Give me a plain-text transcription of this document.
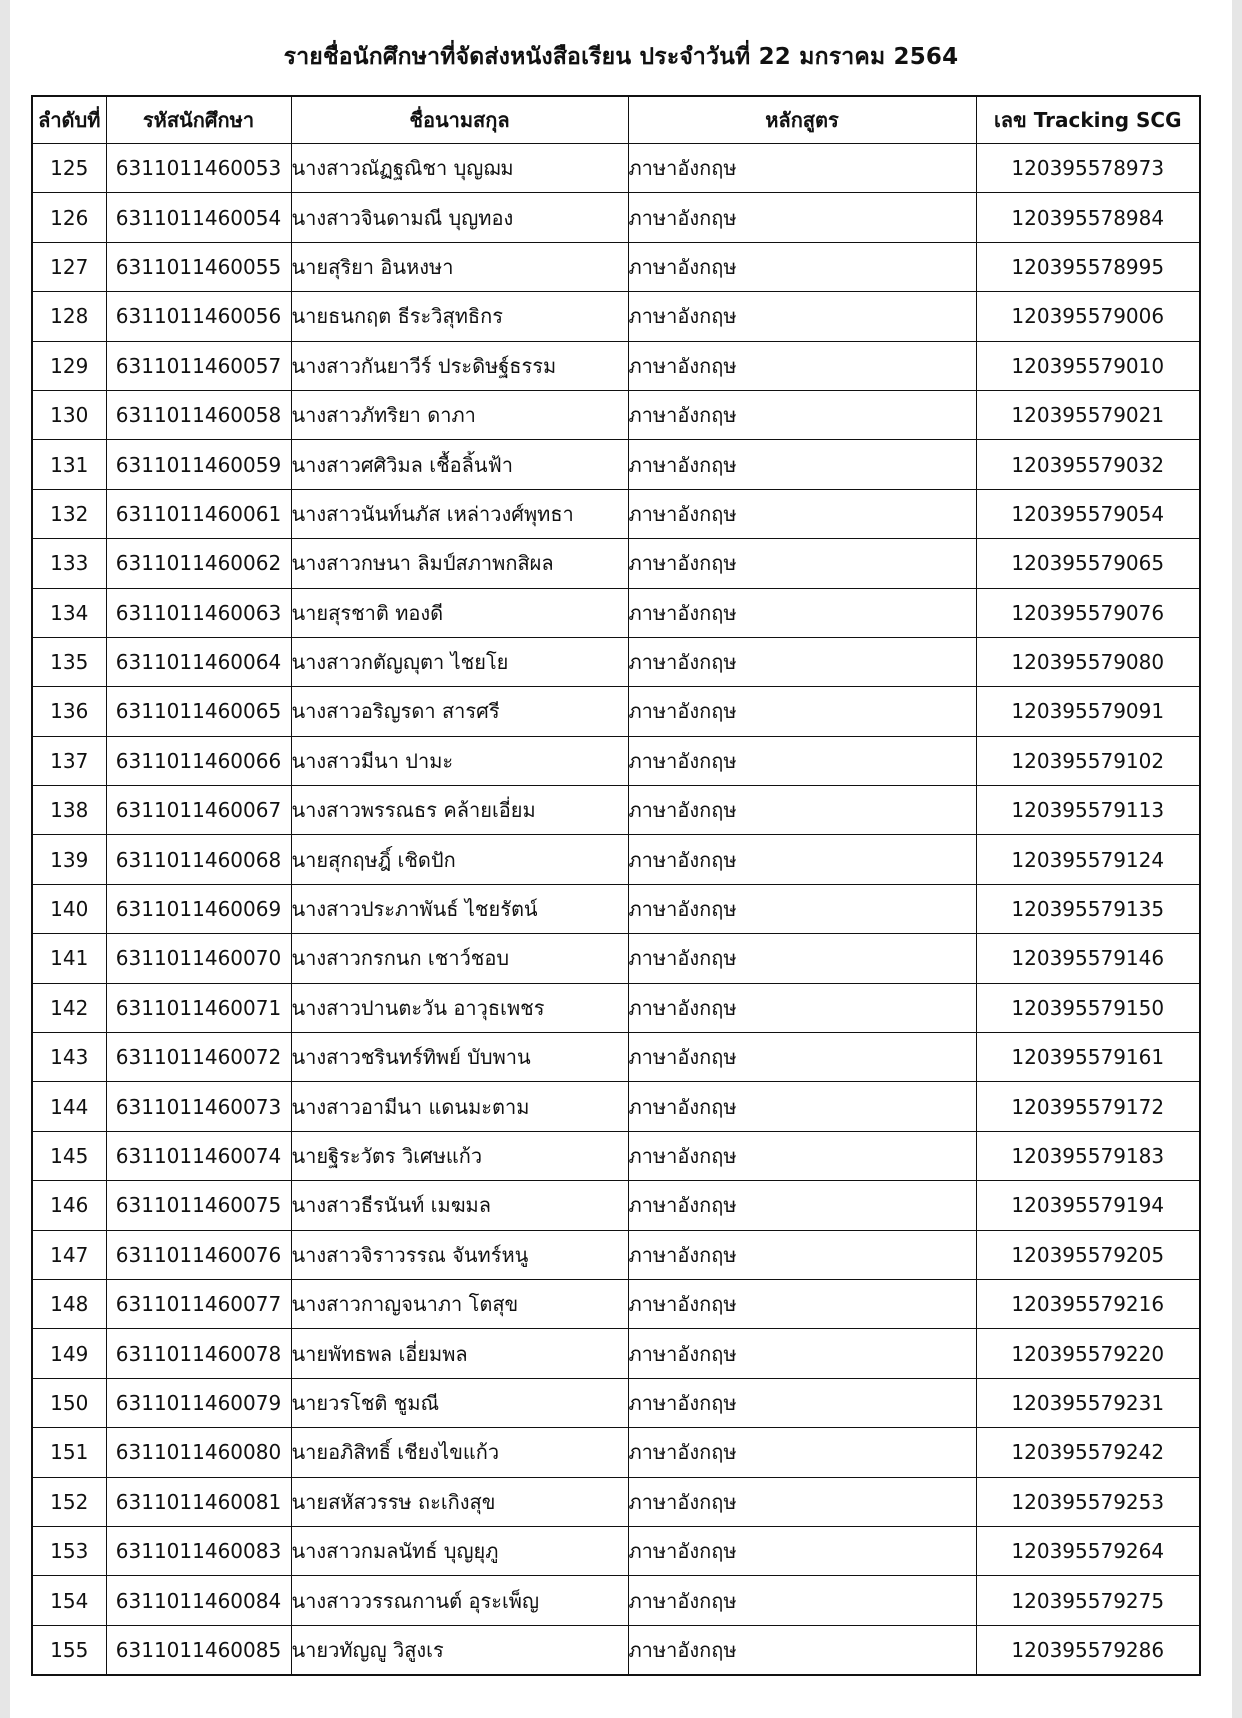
รายชื่อนักศึกษาที่จัดส่งหนังสือเรียน ประจำวันที่ 22 มกราคม 2564
ลำดับที่	รหัสนักศึกษา	ชื่อนามสกุล	หลักสูตร	เลข Tracking SCG
125	6311011460053	นางสาวณัฏฐณิชา บุญฌม	ภาษาอังกฤษ	120395578973
126	6311011460054	นางสาวจินดามณี บุญทอง	ภาษาอังกฤษ	120395578984
127	6311011460055	นายสุริยา อินหงษา	ภาษาอังกฤษ	120395578995
128	6311011460056	นายธนกฤต ธีระวิสุทธิกร	ภาษาอังกฤษ	120395579006
129	6311011460057	นางสาวกันยาวีร์ ประดิษฐ์ธรรม	ภาษาอังกฤษ	120395579010
130	6311011460058	นางสาวภัทริยา ดาภา	ภาษาอังกฤษ	120395579021
131	6311011460059	นางสาวศศิวิมล เชื้อลิ้นฟ้า	ภาษาอังกฤษ	120395579032
132	6311011460061	นางสาวนันท์นภัส เหล่าวงศ์พุทธา	ภาษาอังกฤษ	120395579054
133	6311011460062	นางสาวกษนา ลิมป์สภาพกสิผล	ภาษาอังกฤษ	120395579065
134	6311011460063	นายสุรชาติ ทองดี	ภาษาอังกฤษ	120395579076
135	6311011460064	นางสาวกตัญญุตา ไชยโย	ภาษาอังกฤษ	120395579080
136	6311011460065	นางสาวอริญรดา สารศรี	ภาษาอังกฤษ	120395579091
137	6311011460066	นางสาวมีนา ปามะ	ภาษาอังกฤษ	120395579102
138	6311011460067	นางสาวพรรณธร คล้ายเอี่ยม	ภาษาอังกฤษ	120395579113
139	6311011460068	นายสุกฤษฎิ์ เชิดปัก	ภาษาอังกฤษ	120395579124
140	6311011460069	นางสาวประภาพันธ์ ไชยรัตน์	ภาษาอังกฤษ	120395579135
141	6311011460070	นางสาวกรกนก เชาว์ชอบ	ภาษาอังกฤษ	120395579146
142	6311011460071	นางสาวปานตะวัน อาวุธเพชร	ภาษาอังกฤษ	120395579150
143	6311011460072	นางสาวชรินทร์ทิพย์ บับพาน	ภาษาอังกฤษ	120395579161
144	6311011460073	นางสาวอามีนา แดนมะตาม	ภาษาอังกฤษ	120395579172
145	6311011460074	นายฐิระวัตร วิเศษแก้ว	ภาษาอังกฤษ	120395579183
146	6311011460075	นางสาวธีรนันท์ เมฆมล	ภาษาอังกฤษ	120395579194
147	6311011460076	นางสาวจิราวรรณ จันทร์หนู	ภาษาอังกฤษ	120395579205
148	6311011460077	นางสาวกาญจนาภา โตสุข	ภาษาอังกฤษ	120395579216
149	6311011460078	นายพัทธพล เอี่ยมพล	ภาษาอังกฤษ	120395579220
150	6311011460079	นายวรโชติ ชูมณี	ภาษาอังกฤษ	120395579231
151	6311011460080	นายอภิสิทธิ์ เชียงไขแก้ว	ภาษาอังกฤษ	120395579242
152	6311011460081	นายสหัสวรรษ ถะเกิงสุข	ภาษาอังกฤษ	120395579253
153	6311011460083	นางสาวกมลนัทธ์ บุญยุภู	ภาษาอังกฤษ	120395579264
154	6311011460084	นางสาววรรณกานต์ อุระเพ็ญ	ภาษาอังกฤษ	120395579275
155	6311011460085	นายวทัญญู วิสูงเร	ภาษาอังกฤษ	120395579286
